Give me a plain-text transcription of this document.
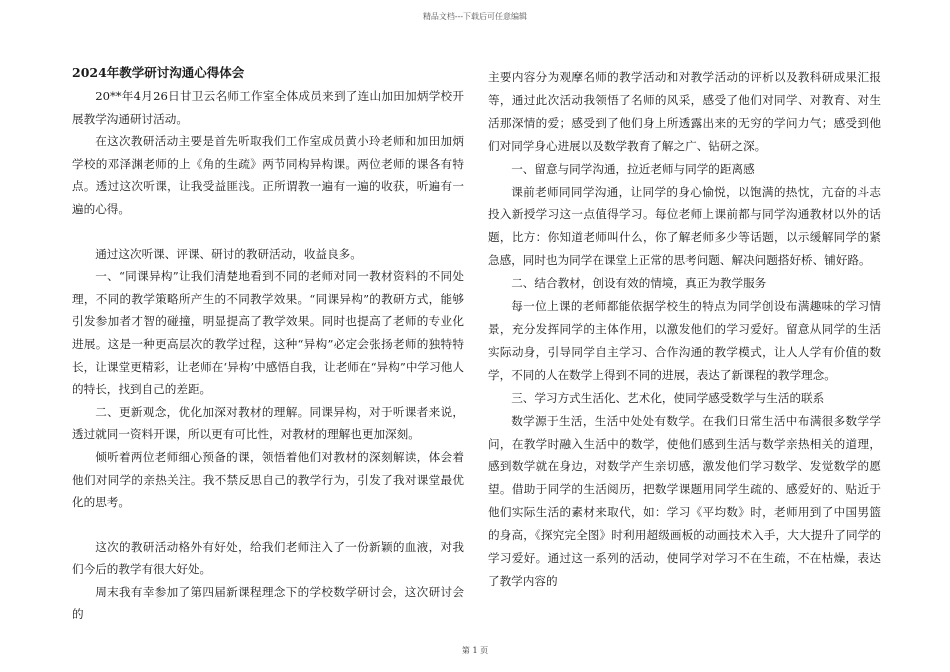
精品文档---下载后可任意编辑

2024年教学研讨沟通心得体会

20**年4月26日甘卫云名师工作室全体成员来到了连山加田加炳学校开展教学沟通研讨活动。

在这次教研活动主要是首先听取我们工作室成员黄小玲老师和加田加炳学校的邓泽渊老师的上《角的生疏》两节同构异构课。两位老师的课各有特点。透过这次听课，让我受益匪浅。正所谓教一遍有一遍的收获，听遍有一遍的心得。

通过这次听课、评课、研讨的教研活动，收益良多。

一、“同课异构”让我们清楚地看到不同的老师对同一教材资料的不同处理，不同的教学策略所产生的不同教学效果。“同课异构”的教研方式，能够引发参加者才智的碰撞，明显提高了教学效果。同时也提高了老师的专业化进展。这是一种更高层次的教学过程，这种“异构”必定会张扬老师的独特特长，让课堂更精彩，让老师在‘异构’中感悟自我，让老师在“异构”中学习他人的特长，找到自己的差距。

二、更新观念，优化加深对教材的理解。同课异构，对于听课者来说，透过就同一资料开课，所以更有可比性，对教材的理解也更加深刻。

倾听着两位老师细心预备的课，领悟着他们对教材的深刻解读，体会着他们对同学的亲热关注。我不禁反思自己的教学行为，引发了我对课堂最优化的思考。

这次的教研活动格外有好处，给我们老师注入了一份新颖的血液，对我们今后的教学有很大好处。

周末我有幸参加了第四届新课程理念下的学校数学研讨会，这次研讨会的

主要内容分为观摩名师的教学活动和对教学活动的评析以及教科研成果汇报等，通过此次活动我领悟了名师的风采，感受了他们对同学、对教育、对生活那深情的爱；感受到了他们身上所透露出来的无穷的学问力气；感受到他们对同学身心进展以及数学教育了解之广、钻研之深。

一、留意与同学沟通，拉近老师与同学的距离感

课前老师同同学沟通，让同学的身心愉悦，以饱满的热忱，亢奋的斗志投入新授学习这一点值得学习。每位老师上课前都与同学沟通教材以外的话题，比方：你知道老师叫什么，你了解老师多少等话题，以示缓解同学的紧急感，同时也为同学在课堂上正常的思考问题、解决问题搭好桥、铺好路。

二、结合教材，创设有效的情境，真正为教学服务

每一位上课的老师都能依据学校生的特点为同学创设布满趣味的学习情景，充分发挥同学的主体作用，以激发他们的学习爱好。留意从同学的生活实际动身，引导同学自主学习、合作沟通的教学模式，让人人学有价值的数学，不同的人在数学上得到不同的进展，表达了新课程的教学理念。

三、学习方式生活化、艺术化，使同学感受数学与生活的联系

数学源于生活，生活中处处有数学。在我们日常生活中布满很多数学学问，在教学时融入生活中的数学，使他们感到生活与数学亲热相关的道理，感到数学就在身边，对数学产生亲切感，激发他们学习数学、发觉数学的愿望。借助于同学的生活阅历，把数学课题用同学生疏的、感爱好的、贴近于他们实际生活的素材来取代，如：学习《平均数》时，老师用到了中国男篮的身高，《探究完全图》时利用超级画板的动画技术入手，大大提升了同学的学习爱好。通过这一系列的活动，使同学对学习不在生疏，不在枯燥，表达了教学内容的

第 1 页
